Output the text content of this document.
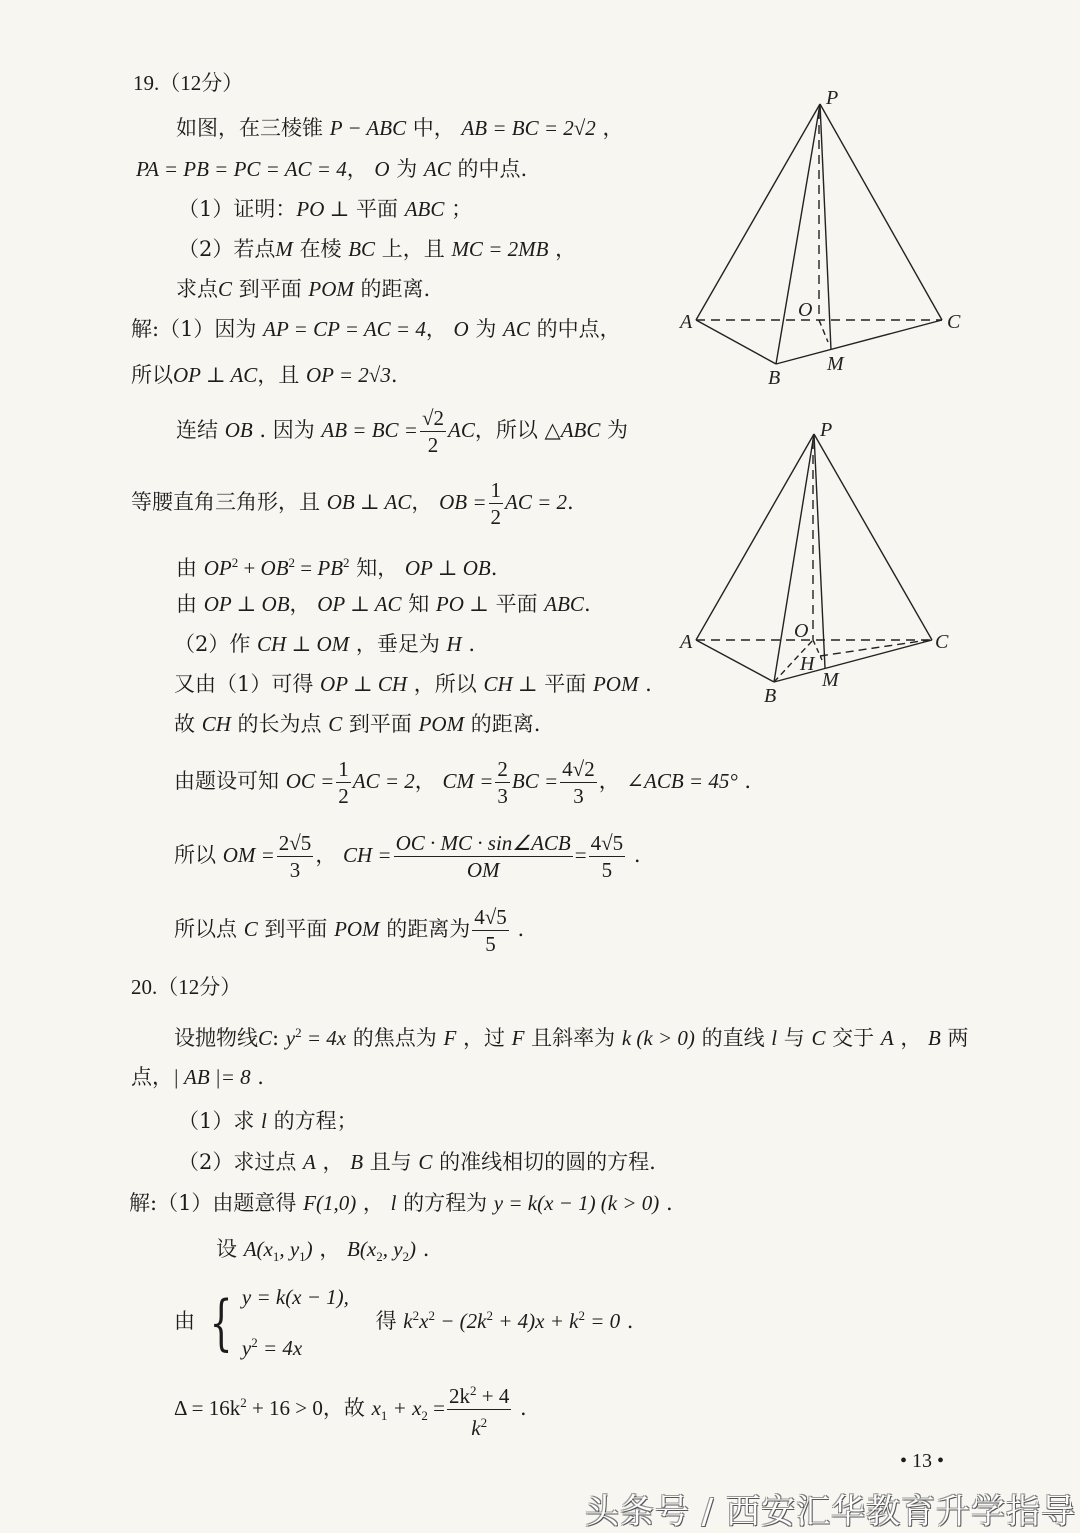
19.（12分）
如图，在三棱锥 P − ABC 中， AB = BC = 2√2 ，
PA = PB = PC = AC = 4， O 为 AC 的中点.
（1）证明：PO ⊥ 平面 ABC ；
（2）若点M 在棱 BC 上，且 MC = 2MB ，
求点C 到平面 POM 的距离.
解:（1）因为 AP = CP = AC = 4， O 为 AC 的中点，
所以OP ⊥ AC，且 OP = 2√3.
连结 OB . 因为 AB = BC = $\frac{√2}{2}$ AC，所以 △ABC 为
等腰直角三角形，且 OB ⊥ AC， OB = $\frac{1}{2}$ AC = 2.
由 $OP^2 + OB^2 = PB^2$ 知， OP ⊥ OB.
由 OP ⊥ OB， OP ⊥ AC 知 PO ⊥ 平面 ABC.
（2）作 CH ⊥ OM ，垂足为 H .
又由（1）可得 OP ⊥ CH ，所以 CH ⊥ 平面 POM .
故 CH 的长为点 C 到平面 POM 的距离.
由题设可知 OC = $\frac{1}{2}$ AC = 2， CM = $\frac{2}{3}$ BC = $\frac{4√2}{3}$ ， ∠ACB = 45° .
所以 OM = $\frac{2√5}{3}$ ， CH = $\frac{\text{OC · MC · sin∠ACB}}{OM} = \frac{4√5}{5}$ .
所以点 C 到平面 POM 的距离为 $\frac{4√5}{5}$ .
P
A
B
C
O
M
P
A
B
C
O
H
M
20.（12分）
设抛物线C: $y^2 = 4x$ 的焦点为 F ，过 F 且斜率为 k (k > 0) 的直线 l 与 C 交于 A ， B 两
点，| AB |= 8 .
（1）求 l 的方程；
（2）求过点 A ， B 且与 C 的准线相切的圆的方程.
解:（1）由题意得 F(1,0) ， l 的方程为 y = k(x − 1) (k > 0) .
设 $A(x_1$, $y_1$) ， $B(x_2$, $y_2$) .
由 { y = k(x − 1),
$y^2 = 4x$
得 $k^2x^2 - (2k^2 + 4)x + k^2 = 0$ .
$\Delta = 16k^2 + 16 > 0$，故 $x_1 + x_2 = \frac{2k^2 + 4}{k^2}$ .
• 13 •
头条号 / 西安汇华教育升学指导
